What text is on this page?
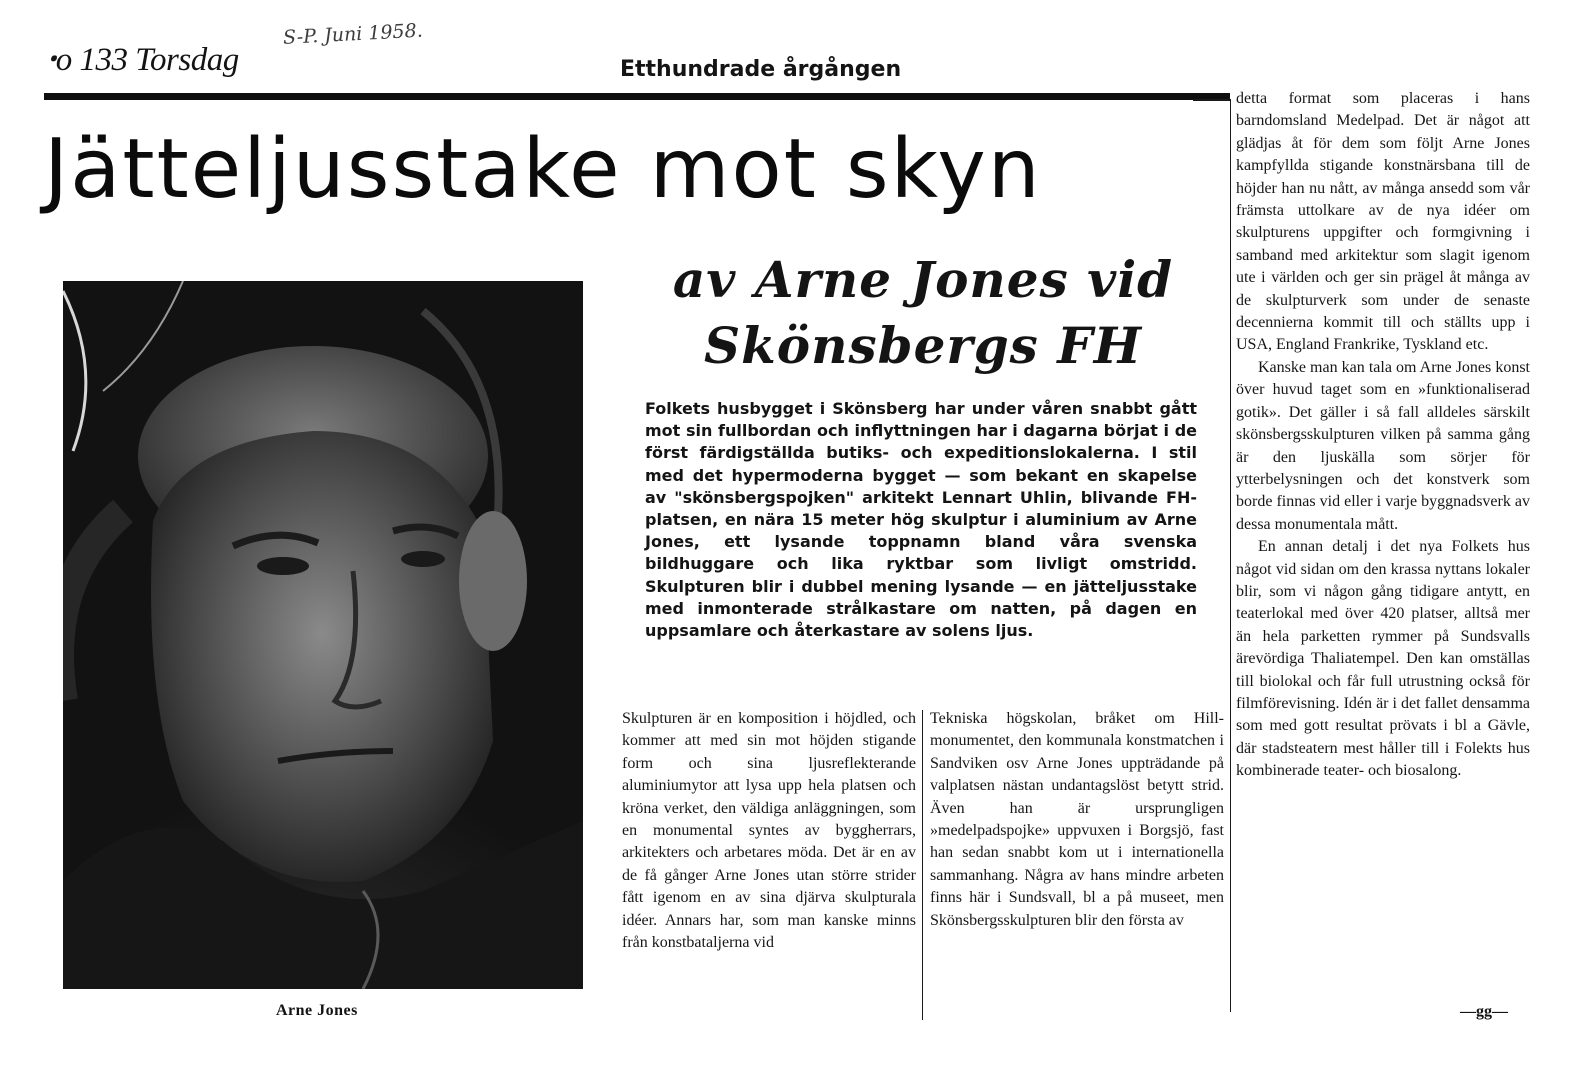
ꞏo 133 Torsdag
S-P. Juni 1958.
Etthundrade årgången
Jätteljusstake mot skyn
Arne Jones
av Arne Jones vid
Skönsbergs FH
Folkets husbygget i Skönsberg har under våren snabbt gått mot sin fullbordan och inflyttningen har i dagarna börjat i de först färdigställda butiks- och expeditionslokalerna. I stil med det hypermoderna bygget — som bekant en skapelse av "skönsbergspojken" arkitekt Lennart Uhlin, blivande FH-platsen, en nära 15 meter hög skulptur i aluminium av Arne Jones, ett lysande toppnamn bland våra svenska bildhuggare och lika ryktbar som livligt omstridd. Skulpturen blir i dubbel mening lysande — en jätteljusstake med inmonterade strålkastare om natten, på dagen en uppsamlare och återkastare av solens ljus.

Skulpturen är en komposition i höjdled, och kommer att med sin mot höjden stigande form och sina ljusreflekterande aluminiumytor att lysa upp hela platsen och kröna verket, den väldiga anläggningen, som en monumental syntes av byggherrars, arkitekters och arbetares möda. Det är en av de få gånger Arne Jones utan större strider fått igenom en av sina djärva skulpturala idéer. Annars har, som man kanske minns från konstbataljerna vid

Tekniska högskolan, bråket om Hill-monumentet, den kommunala konstmatchen i Sandviken osv Arne Jones uppträdande på valplatsen nästan undantagslöst betytt strid. Även han är ursprungligen »medelpadspojke» uppvuxen i Borgsjö, fast han sedan snabbt kom ut i internationella sammanhang. Några av hans mindre arbeten finns här i Sundsvall, bl a på museet, men Skönsbergsskulpturen blir den första av

detta format som placeras i hans barndomsland Medelpad. Det är något att glädjas åt för dem som följt Arne Jones kampfyllda stigande konstnärsbana till de höjder han nu nått, av många ansedd som vår främsta uttolkare av de nya idéer om skulpturens uppgifter och formgivning i samband med arkitektur som slagit igenom ute i världen och ger sin prägel åt många av de skulpturverk som under de senaste decennierna kommit till och ställts upp i USA, England Frankrike, Tyskland etc.

Kanske man kan tala om Arne Jones konst över huvud taget som en »funktionaliserad gotik». Det gäller i så fall alldeles särskilt skönsbergsskulpturen vilken på samma gång är den ljuskälla som sörjer för ytterbelysningen och det konstverk som borde finnas vid eller i varje byggnadsverk av dessa monumentala mått.

En annan detalj i det nya Folkets hus något vid sidan om den krassa nyttans lokaler blir, som vi någon gång tidigare antytt, en teaterlokal med över 420 platser, alltså mer än hela parketten rymmer på Sundsvalls ärevördiga Thaliatempel. Den kan omställas till biolokal och får full utrustning också för filmförevisning. Idén är i det fallet densamma som med gott resultat prövats i bl a Gävle, där stadsteatern mest håller till i Folekts hus kombinerade teater- och biosalong.

—gg—
